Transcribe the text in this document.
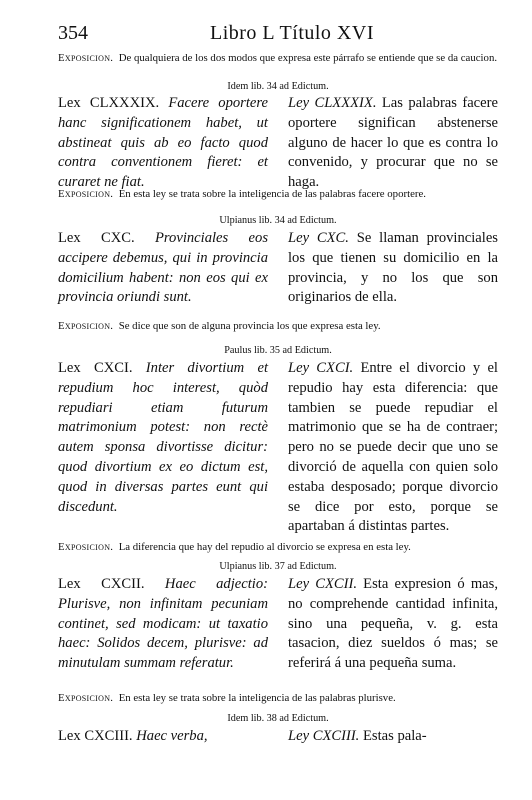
354	Libro L Título XVI

Exposicion. De qualquiera de los dos modos que expresa este párrafo se entiende que se da caucion.

Idem lib. 34 ad Edictum.

Lex CLXXXIX. Facere oportere hanc significationem habet, ut abstineat quis ab eo facto quod contra conventionem fieret: et curaret ne fiat.
Ley CLXXXIX. Las palabras facere oportere significan abstenerse alguno de hacer lo que es contra lo convenido, y procurar que no se haga.

Exposicion. En esta ley se trata sobre la inteligencia de las palabras facere oportere.

Ulpianus lib. 34 ad Edictum.

Lex CXC. Provinciales eos accipere debemus, qui in provincia domicilium habent: non eos qui ex provincia oriundi sunt.
Ley CXC. Se llaman provinciales los que tienen su domicilio en la provincia, y no los que son originarios de ella.

Exposicion. Se dice que son de alguna provincia los que expresa esta ley.

Paulus lib. 35 ad Edictum.

Lex CXCI. Inter divortium et repudium hoc interest, quòd repudiari etiam futurum matrimonium potest: non rectè autem sponsa divortisse dicitur: quod divortium ex eo dictum est, quod in diversas partes eunt qui discedunt.
Ley CXCI. Entre el divorcio y el repudio hay esta diferencia: que tambien se puede repudiar el matrimonio que se ha de contraer; pero no se puede decir que uno se divorció de aquella con quien solo estaba desposado; porque divorcio se dice por esto, porque se apartaban á distintas partes.

Exposicion. La diferencia que hay del repudio al divorcio se expresa en esta ley.

Ulpianus lib. 37 ad Edictum.

Lex CXCII. Haec adjectio: Plurisve, non infinitam pecuniam continet, sed modicam: ut taxatio haec: Solidos decem, plurisve: ad minutulam summam referatur.
Ley CXCII. Esta expresion ó mas, no comprehende cantidad infinita, sino una pequeña, v. g. esta tasacion, diez sueldos ó mas; se referirá á una pequeña suma.

Exposicion. En esta ley se trata sobre la inteligencia de las palabras plurisve.

Idem lib. 38 ad Edictum.

Lex CXCIII. Haec verba,	Ley CXCIII. Estas pala-
